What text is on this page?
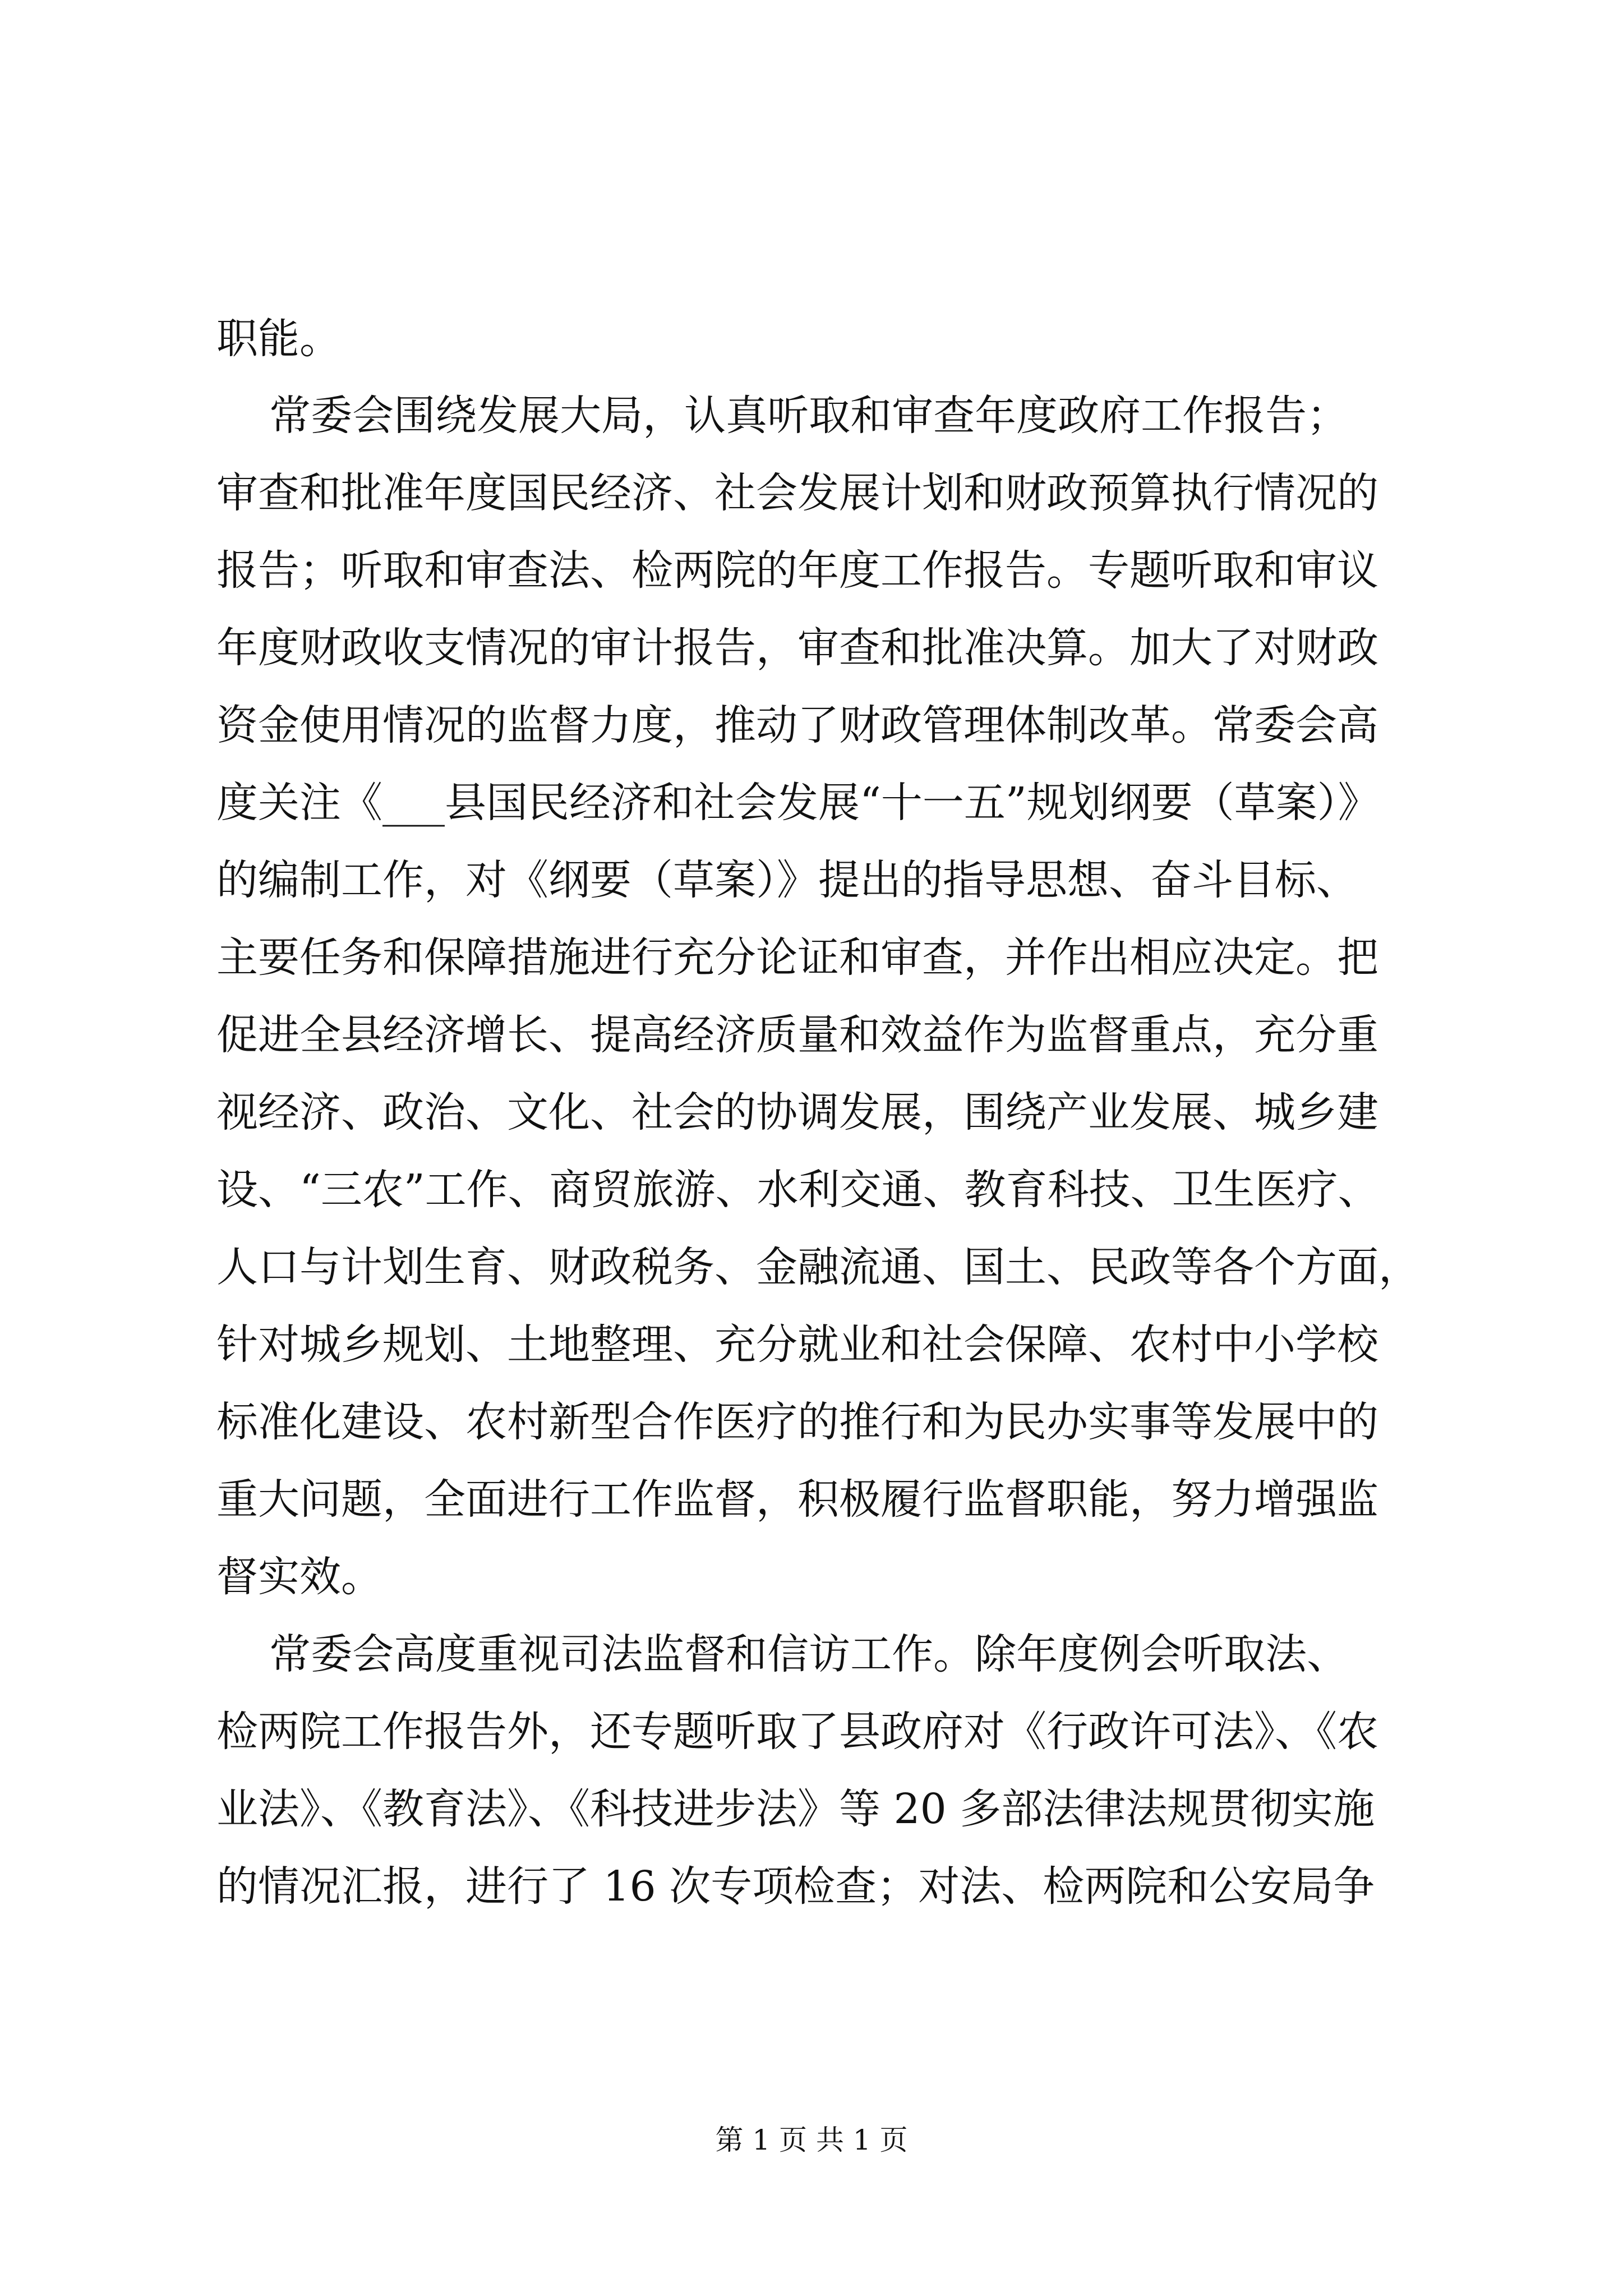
职能。
常委会围绕发展大局，认真听取和审查年度政府工作报告；
审查和批准年度国民经济、社会发展计划和财政预算执行情况的
报告；听取和审查法、检两院的年度工作报告。专题听取和审议
年度财政收支情况的审计报告，审查和批准决算。加大了对财政
资金使用情况的监督力度，推动了财政管理体制改革。常委会高
度关注《___县国民经济和社会发展“十一五”规划纲要（草案）》
的编制工作，对《纲要（草案）》提出的指导思想、奋斗目标、
主要任务和保障措施进行充分论证和审查，并作出相应决定。把
促进全县经济增长、提高经济质量和效益作为监督重点，充分重
视经济、政治、文化、社会的协调发展，围绕产业发展、城乡建
设、“三农”工作、商贸旅游、水利交通、教育科技、卫生医疗、
人口与计划生育、财政税务、金融流通、国土、民政等各个方面，
针对城乡规划、土地整理、充分就业和社会保障、农村中小学校
标准化建设、农村新型合作医疗的推行和为民办实事等发展中的
重大问题，全面进行工作监督，积极履行监督职能，努力增强监
督实效。
常委会高度重视司法监督和信访工作。除年度例会听取法、
检两院工作报告外，还专题听取了县政府对《行政许可法》、《农
业法》、《教育法》、《科技进步法》等 20 多部法律法规贯彻实施
的情况汇报，进行了 16 次专项检查；对法、检两院和公安局争
第 1 页 共 1 页
